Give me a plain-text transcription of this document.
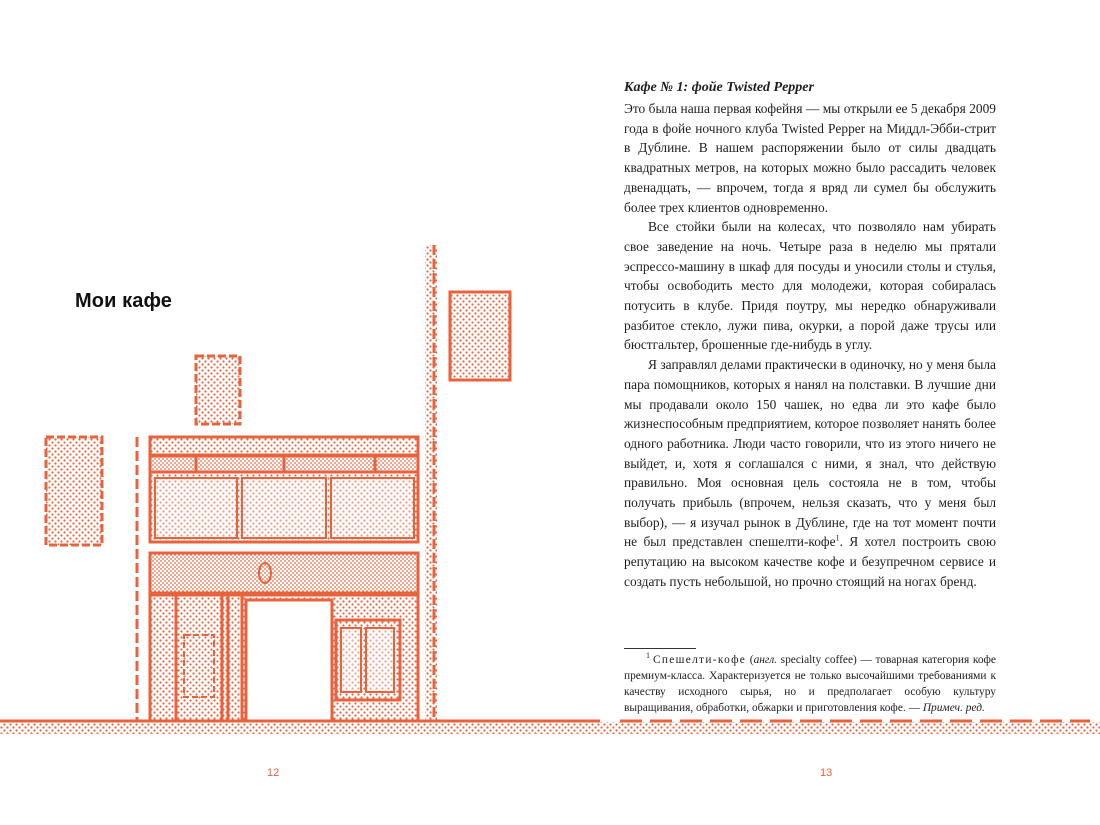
Мои кафе
Кафе № 1: фойе Twisted Pepper

Это была наша первая кофейня — мы открыли ее 5 декабря 2009 года в фойе ночного клуба Twisted Pepper на Миддл-Эбби-стрит в Дублине. В нашем распоряжении было от силы двадцать квадратных метров, на которых можно было рассадить человек двенадцать, — впрочем, тогда я вряд ли сумел бы обслужить более трех клиентов одновременно.

Все стойки были на колесах, что позволяло нам убирать свое заведение на ночь. Четыре раза в неделю мы прятали эспрессо-машину в шкаф для посуды и уносили столы и стулья, чтобы освободить место для молодежи, которая собиралась потусить в клубе. Придя поутру, мы нередко обнаруживали разбитое стекло, лужи пива, окурки, а порой даже трусы или бюстгальтер, брошенные где-нибудь в углу.

Я заправлял делами практически в одиночку, но у меня была пара помощников, которых я нанял на полставки. В лучшие дни мы продавали около 150 чашек, но едва ли это кафе было жизнеспособным предприятием, которое позволяет нанять более одного работника. Люди часто говорили, что из этого ничего не выйдет, и, хотя я соглашался с ними, я знал, что действую правильно. Моя основная цель состояла не в том, чтобы получать прибыль (впрочем, нельзя сказать, что у меня был выбор), — я изучал рынок в Дублине, где на тот момент почти не был представлен спешелти-кофе$^1$. Я хотел построить свою репутацию на высоком качестве кофе и безупречном сервисе и создать пусть небольшой, но прочно стоящий на ногах бренд.

$^1$ Спешелти-кофе (англ. specialty coffee) — товарная категория кофе премиум-класса. Характеризуется не только высочайшими требованиями к качеству исходного сырья, но и предполагает особую культуру выращивания, обработки, обжарки и приготовления кофе. — Примеч. ред.

12	13
